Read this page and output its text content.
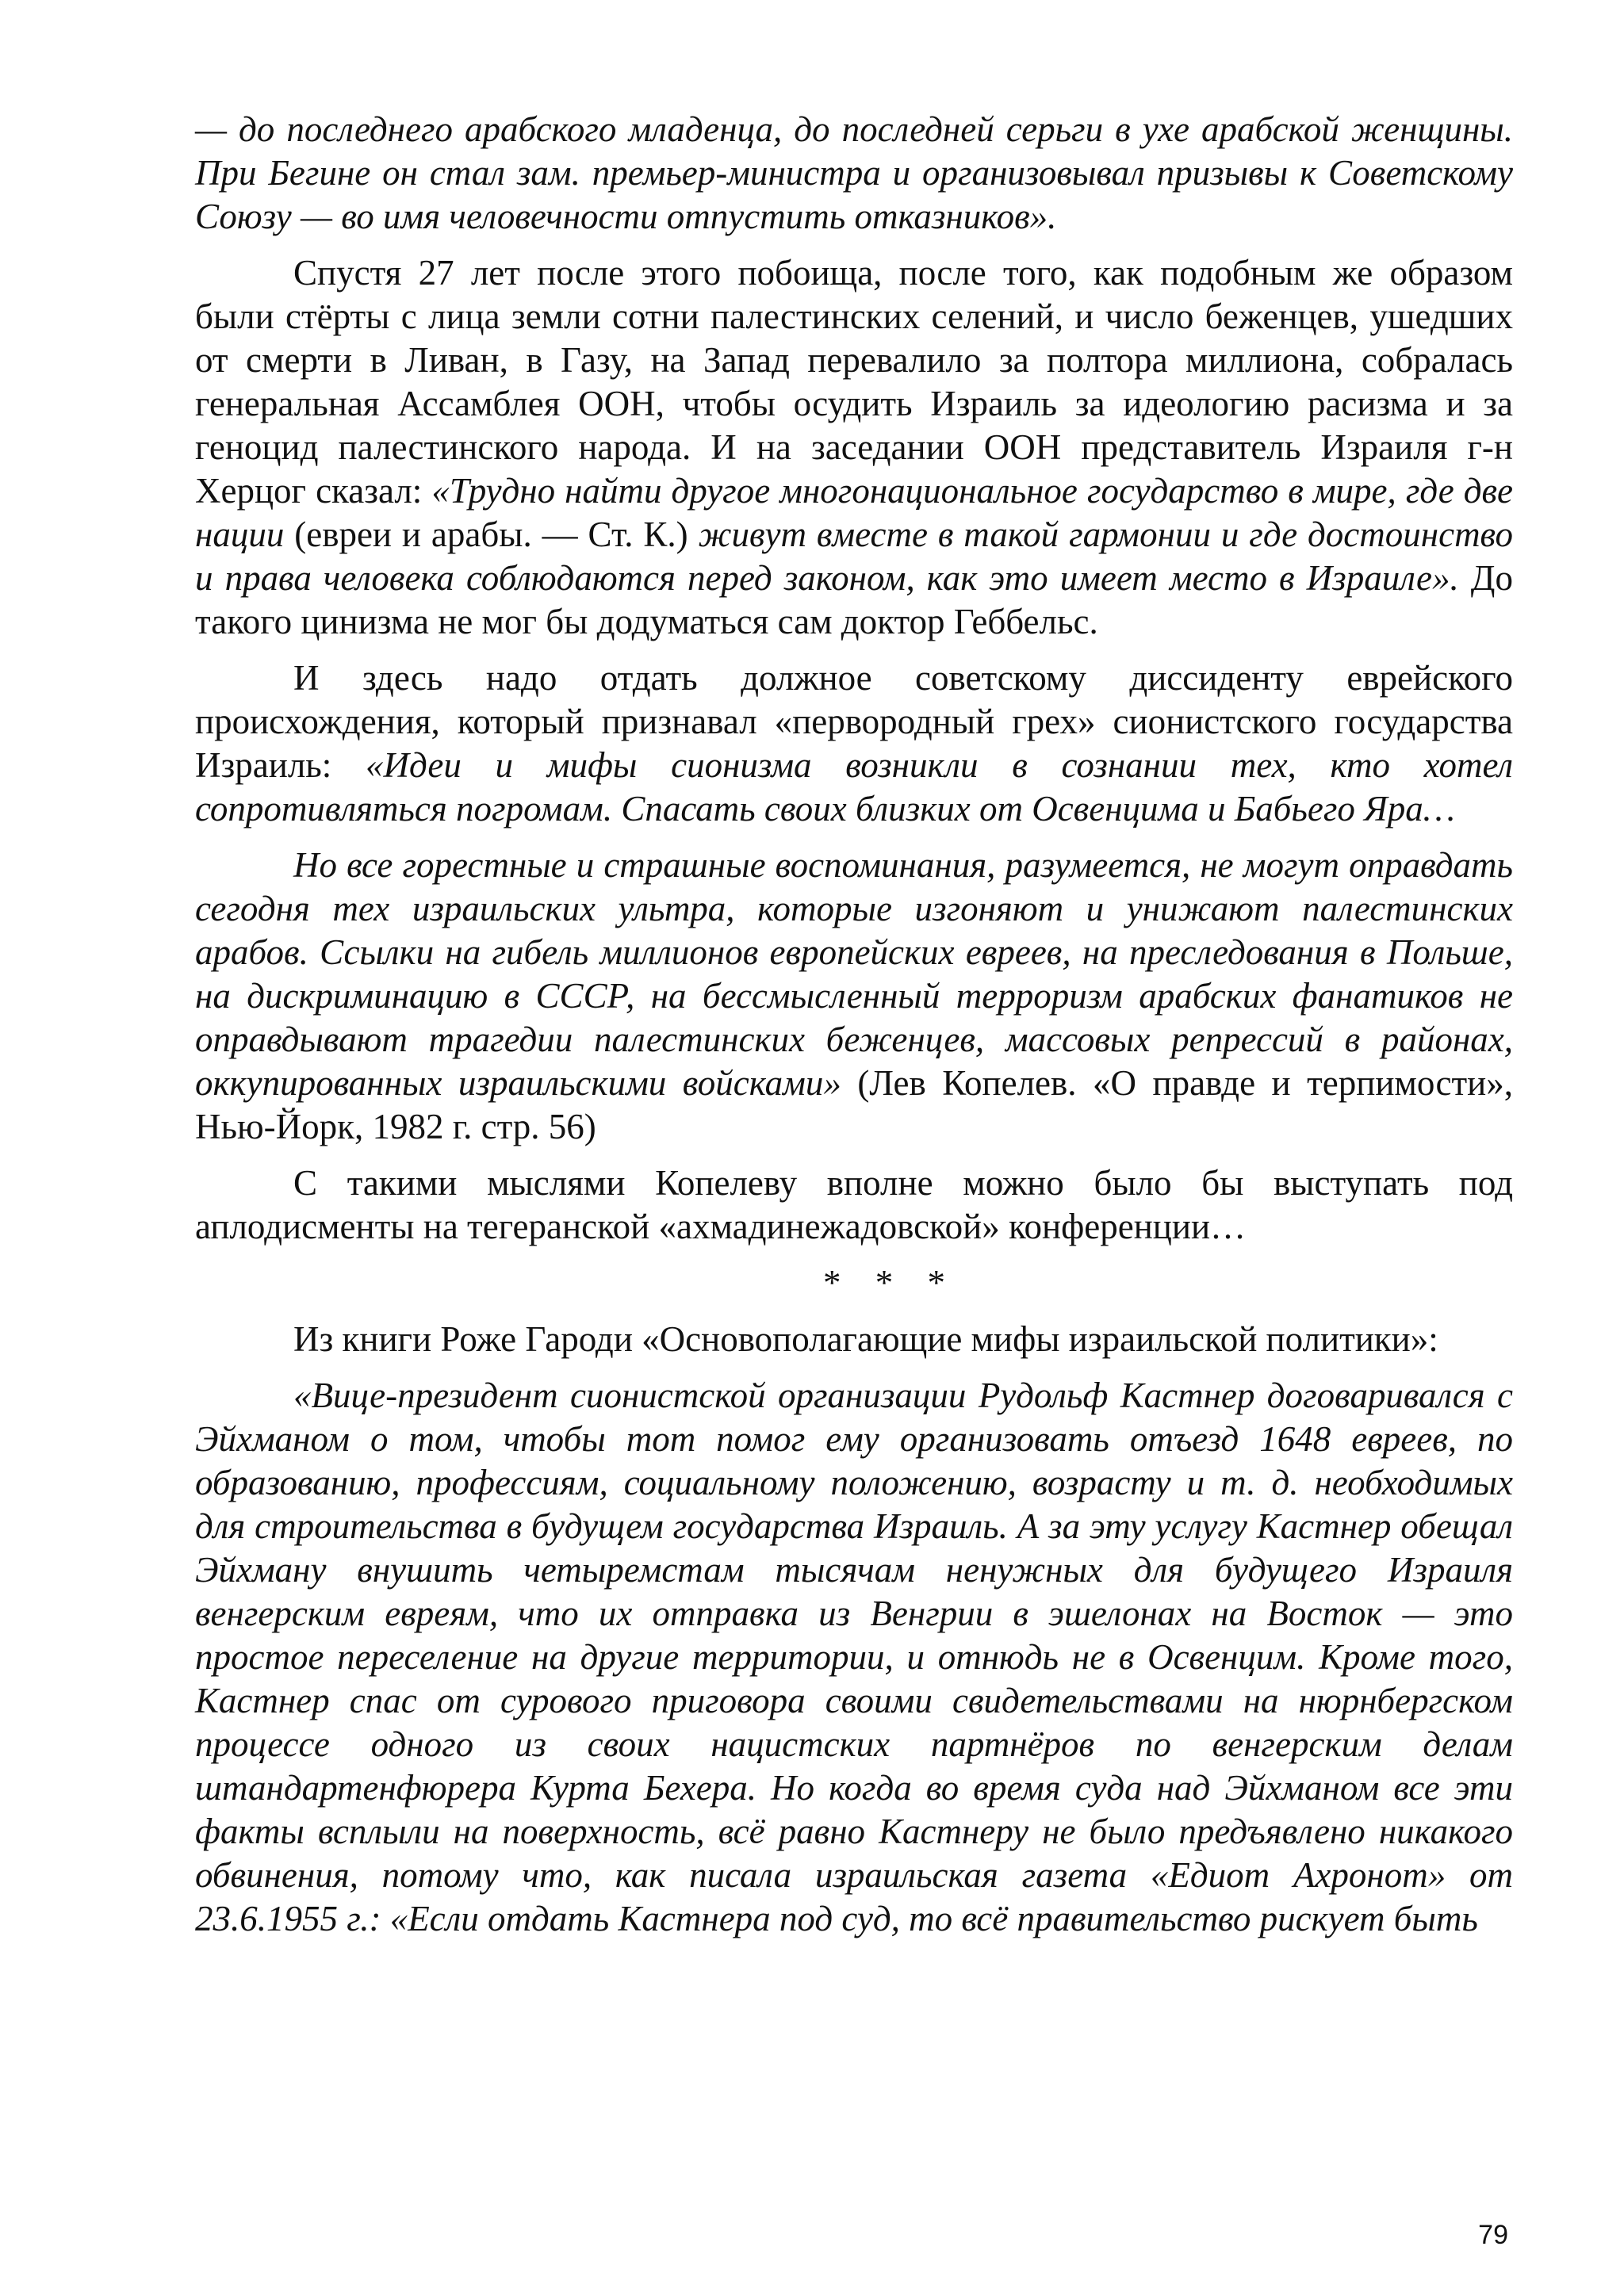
— до последнего арабского младенца, до последней серьги в ухе арабской женщины. При Бегине он стал зам. премьер-министра и организовывал призывы к Советскому Союзу — во имя человечности отпустить отказников».

Спустя 27 лет после этого побоища, после того, как подобным же образом были стёрты с лица земли сотни палестинских селений, и число беженцев, ушедших от смерти в Ливан, в Газу, на Запад перевалило за полтора миллиона, собралась генеральная Ассамблея ООН, чтобы осудить Израиль за идеологию расизма и за геноцид палестинского народа. И на заседании ООН представитель Израиля г-н Херцог сказал: «Трудно найти другое многонациональное государство в мире, где две нации (евреи и арабы. — Ст. К.) живут вместе в такой гармонии и где достоинство и права человека соблюдаются перед законом, как это имеет место в Израиле». До такого цинизма не мог бы додуматься сам доктор Геббельс.

И здесь надо отдать должное советскому диссиденту еврейского происхождения, который признавал «первородный грех» сионистского государства Израиль: «Идеи и мифы сионизма возникли в сознании тех, кто хотел сопротивляться погромам. Спасать своих близких от Освенцима и Бабьего Яра…

Но все горестные и страшные воспоминания, разумеется, не могут оправдать сегодня тех израильских ультра, которые изгоняют и унижают палестинских арабов. Ссылки на гибель миллионов европейских евреев, на преследования в Польше, на дискриминацию в СССР, на бессмысленный терроризм арабских фанатиков не оправдывают трагедии палестинских беженцев, массовых репрессий в районах, оккупированных израильскими войсками» (Лев Копелев. «О правде и терпимости», Нью-Йорк, 1982 г. стр. 56)

С такими мыслями Копелеву вполне можно было бы выступать под аплодисменты на тегеранской «ахмадинежадовской» конференции…

* * *

Из книги Роже Гароди «Основополагающие мифы израильской политики»:

«Вице-президент сионистской организации Рудольф Кастнер договаривался с Эйхманом о том, чтобы тот помог ему организовать отъезд 1648 евреев, по образованию, профессиям, социальному положению, возрасту и т. д. необходимых для строительства в будущем государства Израиль. А за эту услугу Кастнер обещал Эйхману внушить четыремстам тысячам ненужных для будущего Израиля венгерским евреям, что их отправка из Венгрии в эшелонах на Восток — это простое переселение на другие территории, и отнюдь не в Освенцим. Кроме того, Кастнер спас от сурового приговора своими свидетельствами на нюрнбергском процессе одного из своих нацистских партнёров по венгерским делам штандартенфюрера Курта Бехера. Но когда во время суда над Эйхманом все эти факты всплыли на поверхность, всё равно Кастнеру не было предъявлено никакого обвинения, потому что, как писала израильская газета «Едиот Ахронот» от 23.6.1955 г.: «Если отдать Кастнера под суд, то всё правительство рискует быть

79
